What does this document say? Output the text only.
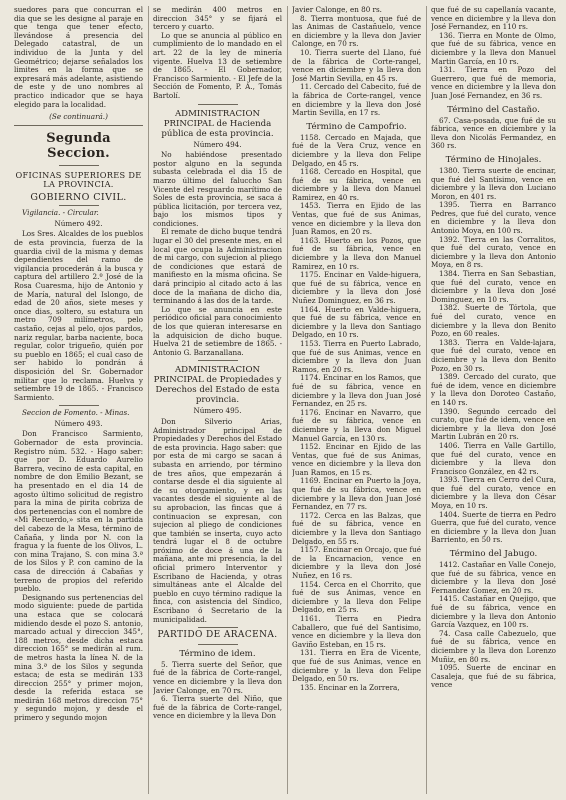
suedores para que concurran el dia que se les designe al paraje en que tenga que tener efecto, llevándose á presencia del Delegado catastral, de un individuo de la Junta y del Geométrico; dejarse señalados los limites en la forma que se expresará más adelante, asistiendo de este y de uno nombres al practico indicador que se haya elegido para la localidad.

(Se continuará.)

Segunda Seccion.
OFICINAS SUPERIORES DE LA PROVINCIA.
GOBIERNO CIVIL.

Vigilancia. - Circular.

Número 492.

Los Sres. Alcaldes de los pueblos de esta provincia, fuerza de la guardia civil de la misma y demas dependientes del ramo de vigilancia procederán á la busca y captura del artillero 2.º José de la Rosa Cuaresma, hijo de Antonio y de María, natural del Islongo, de edad de 20 años, siete meses y once dias, soltero, su estatura un metro 709 milímetros, pelo castaño, cejas al pelo, ojos pardos, nariz regular, barba naciente, boca regular, color trigueño, quién por su pueblo en 1865; el cual caso de ser habido lo pondrán á disposición del Sr. Gobernador militar que lo reclama. Huelva y setiembre 19 de 1865. - Francisco Sarmiento.

Seccion de Fomento. - Minas.

Número 493.

Don Francisco Sarmiento, Gobernador de esta provincia. Registro núm. 532. - Hago saber: que por D. Eduardo Aurelio Barrera, vecino de esta capital, en nombre de don Emilio Bezant, se ha presentado en el dia 14 de agosto último solicitud de registro para la mina de pirita cobriza de dos pertenencias con el nombre de «Mi Recuerdo,» sita en la partida del cabezo de la Mesa, término de Cañaña, y linda por N. con la fragua y la fuente de los Olivos, L. con mina Trajano, S. con mina 3.ª de los Silos y P. con camino de la casa de dirección á Cabañas y terreno de propios del referido pueblo.

Designando sus pertenencias del modo siguiente: puede de partida una estaca que se colocará midiendo desde el pozo S. antonio, marcado actual y direccion 345°, 188 metros, desde dicha estaca direccion 165° se medirán al rum. de metros hasta la línea N. de la mina 3.ª de los Silos y segunda estaca; de esta se medirán 133 direccion 255° y primer mojon, desde la referida estaca se medirán 168 metros direccion 75° y segundo mojon, y desde el primero y segundo mojon

se medirán 400 metros en direccion 345° y se fijará el tercero y cuarto.

Lo que se anuncia al público en cumplimiento de lo mandado en el art. 22 de la ley de minería vigente. Huelva 13 de setiembre de 1865. - El Gobernador, Francisco Sarmiento. - El Jefe de la Sección de Fomento, P. A., Tomás Bartolí.

ADMINISTRACION PRINCIPAL de Hacienda pública de esta provincia.

Número 494.

No habiéndose presentado postor alguno en la segunda subasta celebrada el dia 15 de marzo último del faluccho San Vicente del resguardo marítimo de Soles de esta provincia, se saca á pública licitación, por tercera vez, bajo los mismos tipos y condiciones.

El remate de dicho buque tendrá lugar el 30 del presente mes, en el local que ocupa la Administracion de mi cargo, con sujecion al pliego de condiciones que estará de manifiesto en la misma oficina. Se dará principio al citado acto á las doce de la mañana de dicho dia, terminando á las dos de la tarde.

Lo que se anuncia en este periódico oficial para conocimiento de los que quieran interesarse en la adquisicion de dicho buque. Huelva 21 de setiembre de 1865. - Antonio G. Barzanallana.

ADMINISTRACION PRINCIPAL de Propiedades y Derechos del Estado de esta provincia.

Número 495.

Don Silverio Arias, Administrador principal de Propiedades y Derechos del Estado de esta provincia. Hago saber: que por esta de mi cargo se sacan á subasta en arriendo, por término de tres años, que empezarán á contarse desde el dia siguiente al de su otorgamiento, y en las vacantes desde el siguiente al de su aprobacion, las fincas que á continuacion se expresan, con sujecion al pliego de condiciones que también se inserta, cuyo acto tendrá lugar el 8 de octubre próximo de doce á una de la mañana, ante mi presencia, la del oficial primero Interventor y Escribano de Hacienda, y otras simultáneas ante el Alcalde del pueblo en cuyo término radique la finca, con asistencia del Síndico, Escribano ó Secretario de la municipalidad.

PARTIDO DE ARACENA.
Término de idem.

5. Tierra suerte del Señor, que fué de la fábrica de Corte-rangel, vence en diciembre y la lleva don Javier Calonge, en 70 rs.

6. Tierra suerte del Niño, que fué de la fábrica de Corte-rangel, vence en diciembre y la lleva Don

Javier Calonge, en 80 rs.

8. Tierra montuosa, que fué de las Animas de Castañuelo, vence en diciembre y la lleva don Javier Calonge, en 70 rs.

10. Tierra suerte del Llano, fué de la fábrica de Corte-rangel, vence en diciembre y la lleva don José Martin Sevilla, en 45 rs.

11. Cercado del Cabecito, fué de la fábrica de Corte-rangel, vence en diciembre y la lleva don José Martin Sevilla, en 17 rs.

Término de Campofrio.

1158. Cercado en Majada, que fué de la Vera Cruz, vence en diciembre y la lleva don Felipe Delgado, en 45 rs.

1168. Cercado en Hospital, que fué de su fábrica, vence en diciembre y la lleva don Manuel Ramirez, en 40 rs.

1453. Tierra en Ejido de las Ventas, que fué de sus Animas, vence en diciembre y la lleva don Juan Ramos, en 20 rs.

1163. Huerto en los Pozos, que fué de su fábrica, vence en diciembre y la lleva don Manuel Ramirez, en 10 rs.

1175. Encinar en Valde-higuera, que fué de su fábrica, vence en diciembre y la lleva don José Nuñez Dominguez, en 36 rs.

1164. Huerto en Valde-higuera, que fué de su fábrica, vence en diciembre y la lleva don Santiago Delgado, en 10 rs.

1153. Tierra en Puerto Labrado, que fué de sus Animas, vence en diciembre y la lleva don Juan Ramos, en 20 rs.

1174. Encinar en los Ramos, que fué de su fábrica, vence en diciembre y la lleva don Juan José Fernandez, en 25 rs.

1176. Encinar en Navarro, que fué de su fábrica, vence en diciembre y la lleva don Miguel Manuel García, en 130 rs.

1152. Encinar en Ejido de las Ventas, que fué de sus Animas, vence en diciembre y la lleva don Juan Ramos, en 15 rs.

1169. Encinar en Puerto la Joya, que fué de su fábrica, vence en diciembre y la lleva don Juan José Fernandez, en 77 rs.

1172. Cerca en las Balzas, que fué de su fábrica, vence en diciembre y la lleva don Santiago Delgado, en 55 rs.

1157. Encinar en Orcajo, que fué de la Encarnacion, vence en diciembre y la lleva don José Nuñez, en 16 rs.

1154. Cerca en el Chorrito, que fué de sus Animas, vence en diciembre y la lleva don Felipe Delgado, en 25 rs.

1161. Tierra en Piedra Caballero, que fué del Santisimo, vence en diciembre y la lleva don Gaviño Esteban, en 15 rs.

131. Tierra en Era de Vicente, que fué de sus Animas, vence en diciembre y la lleva don Felipe Delgado, en 50 rs.

135. Encinar en la Zorrera,

que fué de su capellanía vacante, vence en diciembre y la lleva don José Fernandez, en 110 rs.

136. Tierra en Monte de Olmo, que fué de su fábrica, vence en diciembre y la lleva don Manuel Martin García, en 10 rs.

131. Tierra en Pozo del Guerrero, que fué de memoria, vence en diciembre y la lleva don Juan José Fernandez, en 36 rs.

Término del Castaño.

67. Casa-posada, que fué de su fábrica, vence en diciembre y la lleva don Nicolás Fermandez, en 360 rs.

Término de Hinojales.

1380. Tierra suerte de encinar, que fué del Santísimo, vence en diciembre y la lleva don Luciano Moron, en 401 rs.

1395. Tierra en Barranco Pedres, que fué del curato, vence en diciembre y la lleva don Antonio Moya, en 100 rs.

1392. Tierra en las Corralitos, que fué del curato, vence en diciembre y la lleva don Antonio Moya, en 8 rs.

1384. Tierra en San Sebastian, que fué del curato, vence en diciembre y la lleva don José Dominguez, en 10 rs.

1382. Suerte de Tórtola, que fué del curato, vence en diciembre y la lleva don Benito Pozo, en 60 reales.

1383. Tierra en Valde-lajara, que fué del curato, vence en diciembre y la lleva don Benito Pozo, en 30 rs.

1389. Cercado del curato, que fué de idem, vence en diciembre y la lleva don Doroteo Castaño, en 140 rs.

1390. Segundo cercado del curato, que fué de idem, vence en diciembre y la lleva don José Martin Lubrán en 20 rs.

1406. Tierra en Valle Gartillo, que fué del curato, vence en diciembre y la lleva don Francisco González, en 42 rs.

1393. Tierra en Cerro del Cura, que fué del curato, vence en diciembre y la lleva don César Moya, en 10 rs.

1404. Suerte de tierra en Pedro Guerra, que fué del curato, vence en diciembre y la lleva don Juan Barriento, en 50 rs.

Término del Jabugo.

1412. Castañar en Valle Conejo, que fué de su fábrica, vence en diciembre y la lleva don José Fernandez Gomez, en 20 rs.

1415. Castañar en Quejigo, que fué de su fábrica, vence en diciembre y la lleva don Antonio García Vazquez, en 100 rs.

74. Casa calle Cabezuelo, que fué de su fábrica, vence en diciembre y la lleva don Lorenzo Muñiz, en 80 rs.

1095. Suerte de encinar en Casaleja, que fué de su fábrica, vence
